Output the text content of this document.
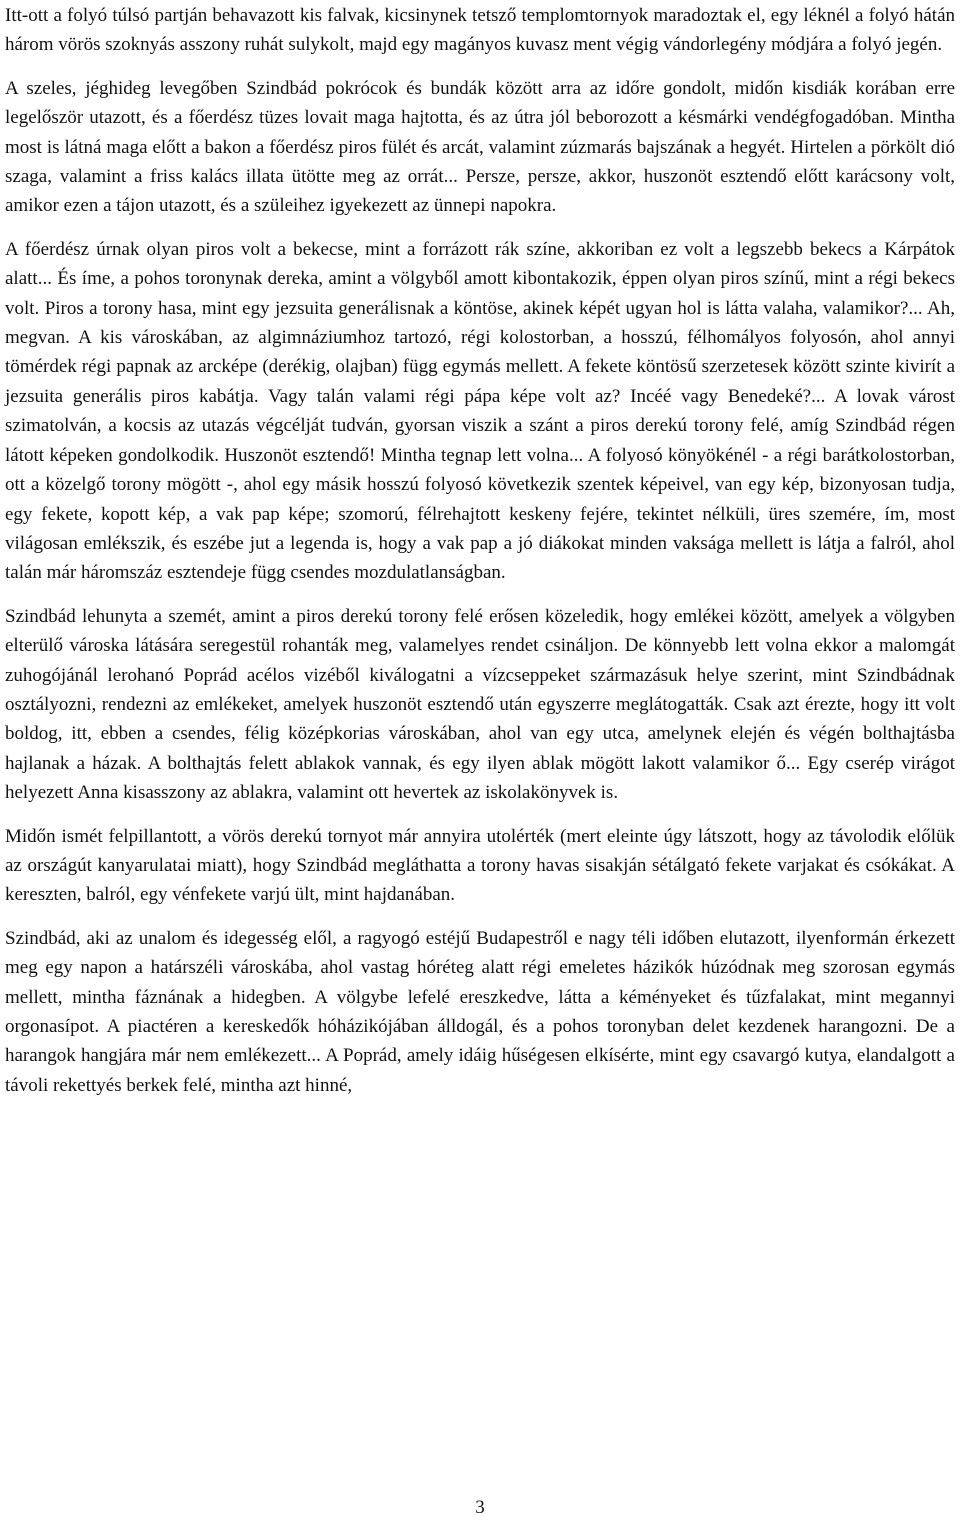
Itt-ott a folyó túlsó partján behavazott kis falvak, kicsinynek tetsző templomtornyok maradoztak el, egy léknél a folyó hátán három vörös szoknyás asszony ruhát sulykolt, majd egy magányos kuvasz ment végig vándorlegény módjára a folyó jegén.

A szeles, jéghideg levegőben Szindbád pokrócok és bundák között arra az időre gondolt, midőn kisdiák korában erre legelőször utazott, és a főerdész tüzes lovait maga hajtotta, és az útra jól beborozott a késmárki vendégfogadóban. Mintha most is látná maga előtt a bakon a főerdész piros fülét és arcát, valamint zúzmarás bajszának a hegyét. Hirtelen a pörkölt dió szaga, valamint a friss kalács illata ütötte meg az orrát... Persze, persze, akkor, huszonöt esztendő előtt karácsony volt, amikor ezen a tájon utazott, és a szüleihez igyekezett az ünnepi napokra.

A főerdész úrnak olyan piros volt a bekecse, mint a forrázott rák színe, akkoriban ez volt a legszebb bekecs a Kárpátok alatt... És íme, a pohos toronynak dereka, amint a völgyből amott kibontakozik, éppen olyan piros színű, mint a régi bekecs volt. Piros a torony hasa, mint egy jezsuita generálisnak a köntöse, akinek képét ugyan hol is látta valaha, valamikor?... Ah, megvan. A kis városkában, az algimnáziumhoz tartozó, régi kolostorban, a hosszú, félhomályos folyosón, ahol annyi tömérdek régi papnak az arcképe (derékig, olajban) függ egymás mellett. A fekete köntösű szerzetesek között szinte kivirít a jezsuita generális piros kabátja. Vagy talán valami régi pápa képe volt az? Incéé vagy Benedeké?... A lovak várost szimatolván, a kocsis az utazás végcélját tudván, gyorsan viszik a szánt a piros derekú torony felé, amíg Szindbád régen látott képeken gondolkodik. Huszonöt esztendő! Mintha tegnap lett volna... A folyosó könyökénél - a régi barátkolostorban, ott a közelgő torony mögött -, ahol egy másik hosszú folyosó következik szentek képeivel, van egy kép, bizonyosan tudja, egy fekete, kopott kép, a vak pap képe; szomorú, félrehajtott keskeny fejére, tekintet nélküli, üres szemére, ím, most világosan emlékszik, és eszébe jut a legenda is, hogy a vak pap a jó diákokat minden vaksága mellett is látja a falról, ahol talán már háromszáz esztendeje függ csendes mozdulatlanságban.

Szindbád lehunyta a szemét, amint a piros derekú torony felé erősen közeledik, hogy emlékei között, amelyek a völgyben elterülő városka látására seregestül rohanták meg, valamelyes rendet csináljon. De könnyebb lett volna ekkor a malomgát zuhogójánál lerohanó Poprád acélos vizéből kiválogatni a vízcseppeket származásuk helye szerint, mint Szindbádnak osztályozni, rendezni az emlékeket, amelyek huszonöt esztendő után egyszerre meglátogatták. Csak azt érezte, hogy itt volt boldog, itt, ebben a csendes, félig középkorias városkában, ahol van egy utca, amelynek elején és végén bolthajtásba hajlanak a házak. A bolthajtás felett ablakok vannak, és egy ilyen ablak mögött lakott valamikor ő... Egy cserép virágot helyezett Anna kisasszony az ablakra, valamint ott hevertek az iskolakönyvek is.

Midőn ismét felpillantott, a vörös derekú tornyot már annyira utolérték (mert eleinte úgy látszott, hogy az távolodik előlük az országút kanyarulatai miatt), hogy Szindbád megláthatta a torony havas sisakján sétálgató fekete varjakat és csókákat. A kereszten, balról, egy vénfekete varjú ült, mint hajdanában.

Szindbád, aki az unalom és idegesség elől, a ragyogó estéjű Budapestről e nagy téli időben elutazott, ilyenformán érkezett meg egy napon a határszéli városkába, ahol vastag hóréteg alatt régi emeletes házikók húzódnak meg szorosan egymás mellett, mintha fáznának a hidegben. A völgybe lefelé ereszkedve, látta a kéményeket és tűzfalakat, mint megannyi orgonasípot. A piactéren a kereskedők hóházikójában álldogál, és a pohos toronyban delet kezdenek harangozni. De a harangok hangjára már nem emlékezett... A Poprád, amely idáig hűségesen elkísérte, mint egy csavargó kutya, elandalgott a távoli rekettyés berkek felé, mintha azt hinné,

3
